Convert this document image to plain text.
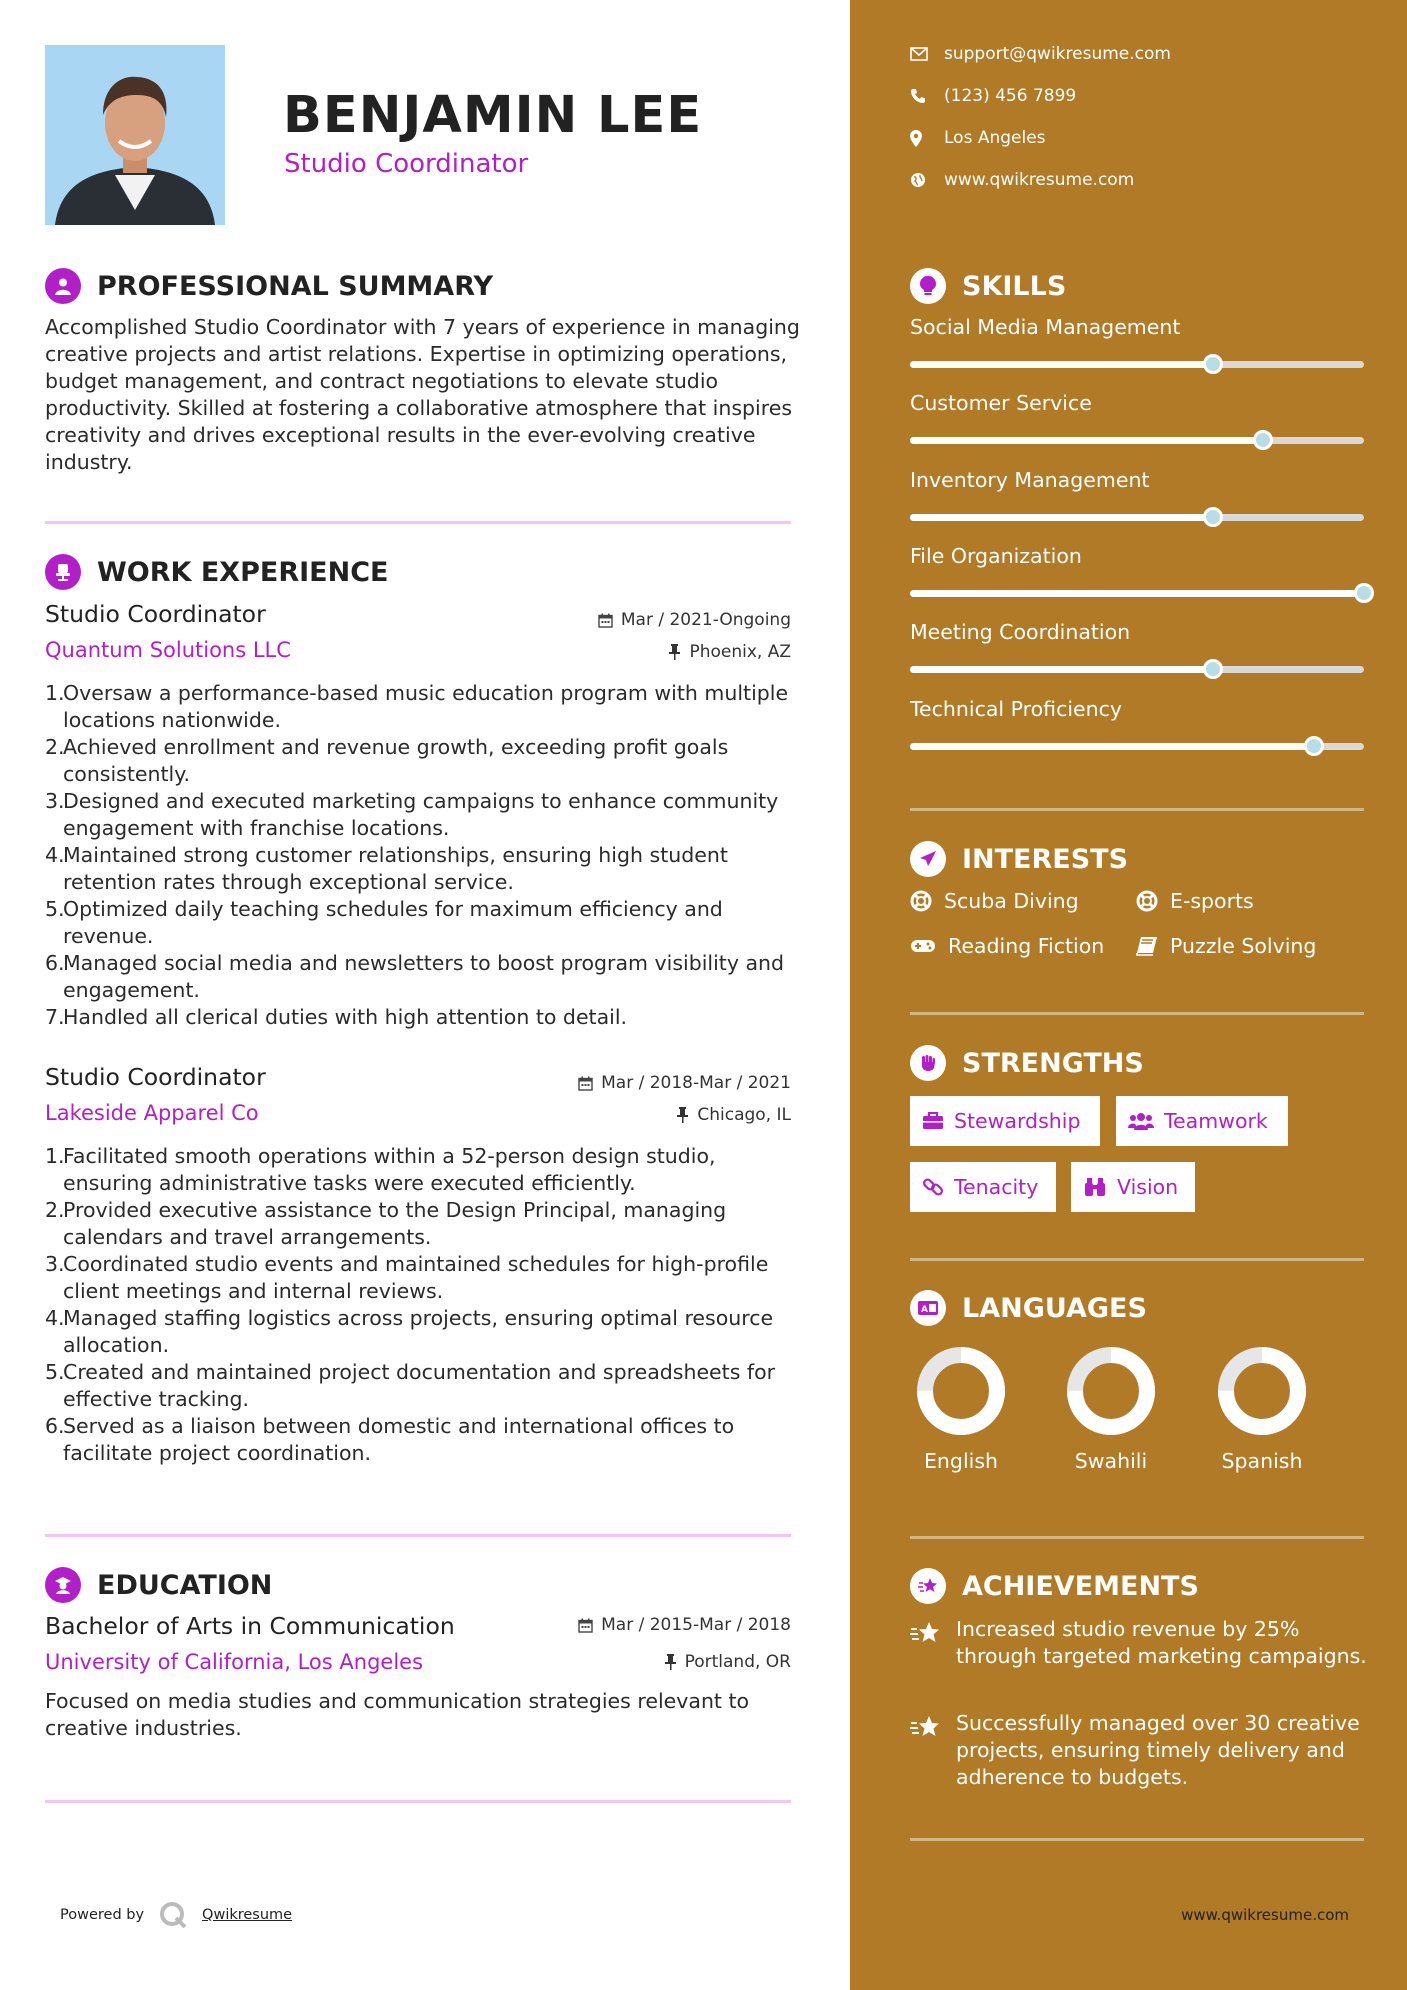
BENJAMIN LEE
Studio Coordinator
PROFESSIONAL SUMMARY
Accomplished Studio Coordinator with 7 years of experience in managing creative projects and artist relations. Expertise in optimizing operations, budget management, and contract negotiations to elevate studio productivity. Skilled at fostering a collaborative atmosphere that inspires creativity and drives exceptional results in the ever-evolving creative industry.
WORK EXPERIENCE
Studio Coordinator	Mar / 2021-Ongoing
Quantum Solutions LLC	Phoenix, AZ
1.
Oversaw a performance-based music education program with multiple locations nationwide.
2.
Achieved enrollment and revenue growth, exceeding profit goals consistently.
3.
Designed and executed marketing campaigns to enhance community engagement with franchise locations.
4.
Maintained strong customer relationships, ensuring high student retention rates through exceptional service.
5.
Optimized daily teaching schedules for maximum efficiency and revenue.
6.
Managed social media and newsletters to boost program visibility and engagement.
7.
Handled all clerical duties with high attention to detail.
Studio Coordinator	Mar / 2018-Mar / 2021
Lakeside Apparel Co	Chicago, IL
1.
Facilitated smooth operations within a 52-person design studio, ensuring administrative tasks were executed efficiently.
2.
Provided executive assistance to the Design Principal, managing calendars and travel arrangements.
3.
Coordinated studio events and maintained schedules for high-profile client meetings and internal reviews.
4.
Managed staffing logistics across projects, ensuring optimal resource allocation.
5.
Created and maintained project documentation and spreadsheets for effective tracking.
6.
Served as a liaison between domestic and international offices to facilitate project coordination.
EDUCATION
Bachelor of Arts in Communication	Mar / 2015-Mar / 2018
University of California, Los Angeles	Portland, OR
Focused on media studies and communication strategies relevant to creative industries.
Powered by	Qwikresume
support@qwikresume.com
(123) 456 7899
Los Angeles
www.qwikresume.com
SKILLS
Social Media Management
Customer Service
Inventory Management
File Organization
Meeting Coordination
Technical Proficiency
INTERESTS
Scuba Diving	E-sports
Reading Fiction	Puzzle Solving
STRENGTHS
Stewardship	Teamwork
Tenacity	Vision
A LANGUAGES
English	Swahili	Spanish
ACHIEVEMENTS
Increased studio revenue by 25% through targeted marketing campaigns.
Successfully managed over 30 creative projects, ensuring timely delivery and adherence to budgets.
www.qwikresume.com
